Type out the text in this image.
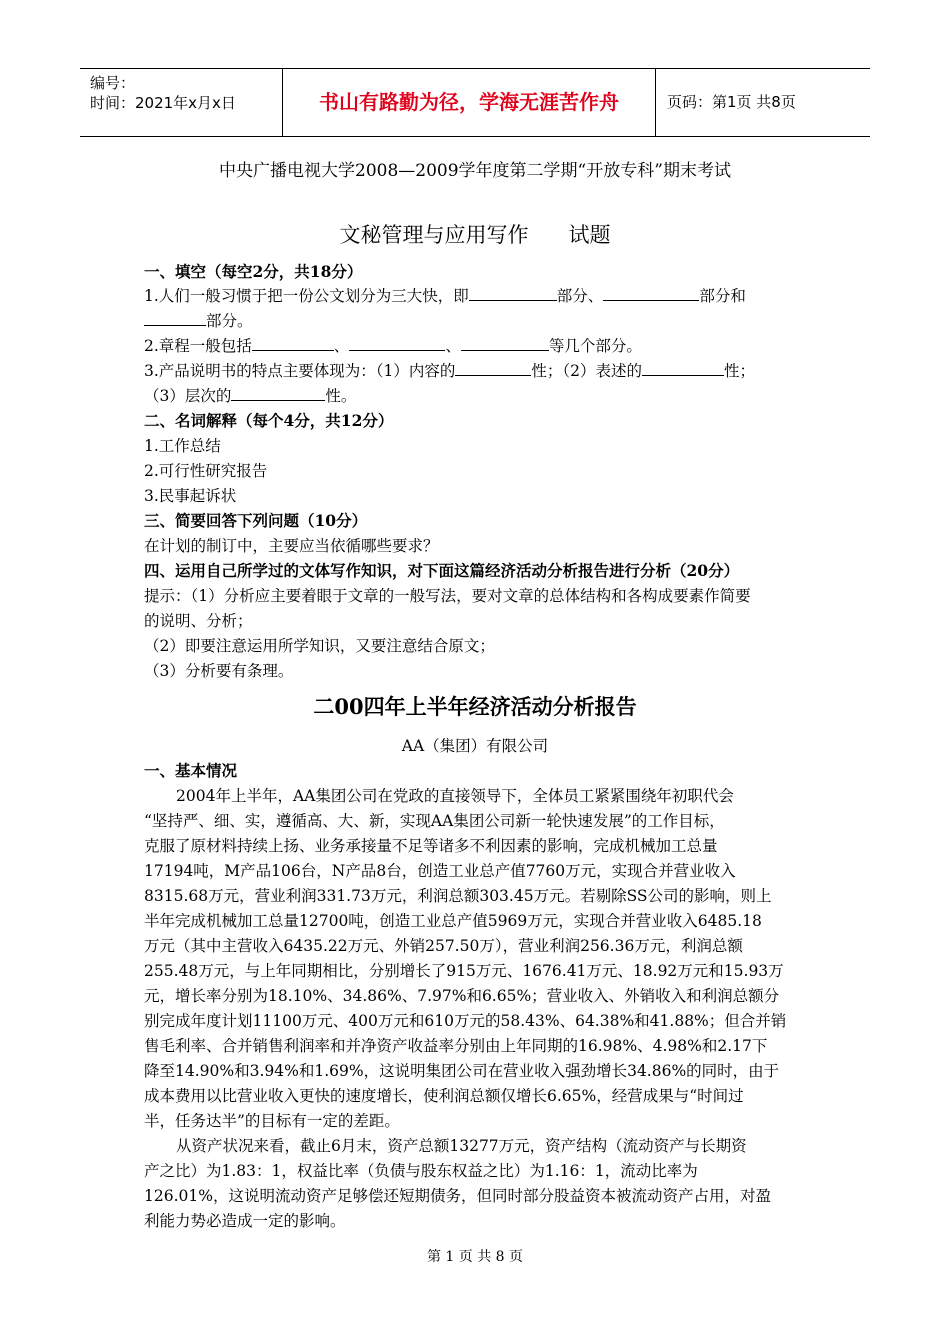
编号：
时间：2021年x月x日	书山有路勤为径，学海无涯苦作舟	页码：第1页 共8页
中央广播电视大学2008—2009学年度第二学期“开放专科”期末考试
文秘管理与应用写作      试题
一、填空（每空2分，共18分）
1.人们一般习惯于把一份公文划分为三大快，即	部分、	部分和
部分。
2.章程一般包括	、	、	等几个部分。
3.产品说明书的特点主要体现为：（1）内容的	性；（2）表述的	性；
（3）层次的	性。
二、名词解释（每个4分，共12分）
1.工作总结
2.可行性研究报告
3.民事起诉状
三、简要回答下列问题（10分）
在计划的制订中，主要应当依循哪些要求？
四、运用自己所学过的文体写作知识，对下面这篇经济活动分析报告进行分析（20分）
提示：（1）分析应主要着眼于文章的一般写法，要对文章的总体结构和各构成要素作简要
的说明、分析；
（2）即要注意运用所学知识，又要注意结合原文；
（3）分析要有条理。
二00四年上半年经济活动分析报告
AA（集团）有限公司
一、基本情况
2004年上半年，AA集团公司在党政的直接领导下，全体员工紧紧围绕年初职代会
“坚持严、细、实，遵循高、大、新，实现AA集团公司新一轮快速发展”的工作目标，
克服了原材料持续上扬、业务承接量不足等诸多不利因素的影响，完成机械加工总量
17194吨，M产品106台，N产品8台，创造工业总产值7760万元，实现合并营业收入
8315.68万元，营业利润331.73万元，利润总额303.45万元。若剔除SS公司的影响，则上
半年完成机械加工总量12700吨，创造工业总产值5969万元，实现合并营业收入6485.18
万元（其中主营收入6435.22万元、外销257.50万），营业利润256.36万元，利润总额
255.48万元，与上年同期相比，分别增长了915万元、1676.41万元、18.92万元和15.93万
元，增长率分别为18.10%、34.86%、7.97%和6.65%；营业收入、外销收入和利润总额分
别完成年度计划11100万元、400万元和610万元的58.43%、64.38%和41.88%；但合并销
售毛利率、合并销售利润率和并净资产收益率分别由上年同期的16.98%、4.98%和2.17下
降至14.90%和3.94%和1.69%，这说明集团公司在营业收入强劲增长34.86%的同时，由于
成本费用以比营业收入更快的速度增长，使利润总额仅增长6.65%，经营成果与“时间过
半，任务达半”的目标有一定的差距。
从资产状况来看，截止6月末，资产总额13277万元，资产结构（流动资产与长期资
产之比）为1.83：1，权益比率（负债与股东权益之比）为1.16：1，流动比率为
126.01%，这说明流动资产足够偿还短期债务，但同时部分股益资本被流动资产占用，对盈
利能力势必造成一定的影响。
第 1 页 共 8 页
